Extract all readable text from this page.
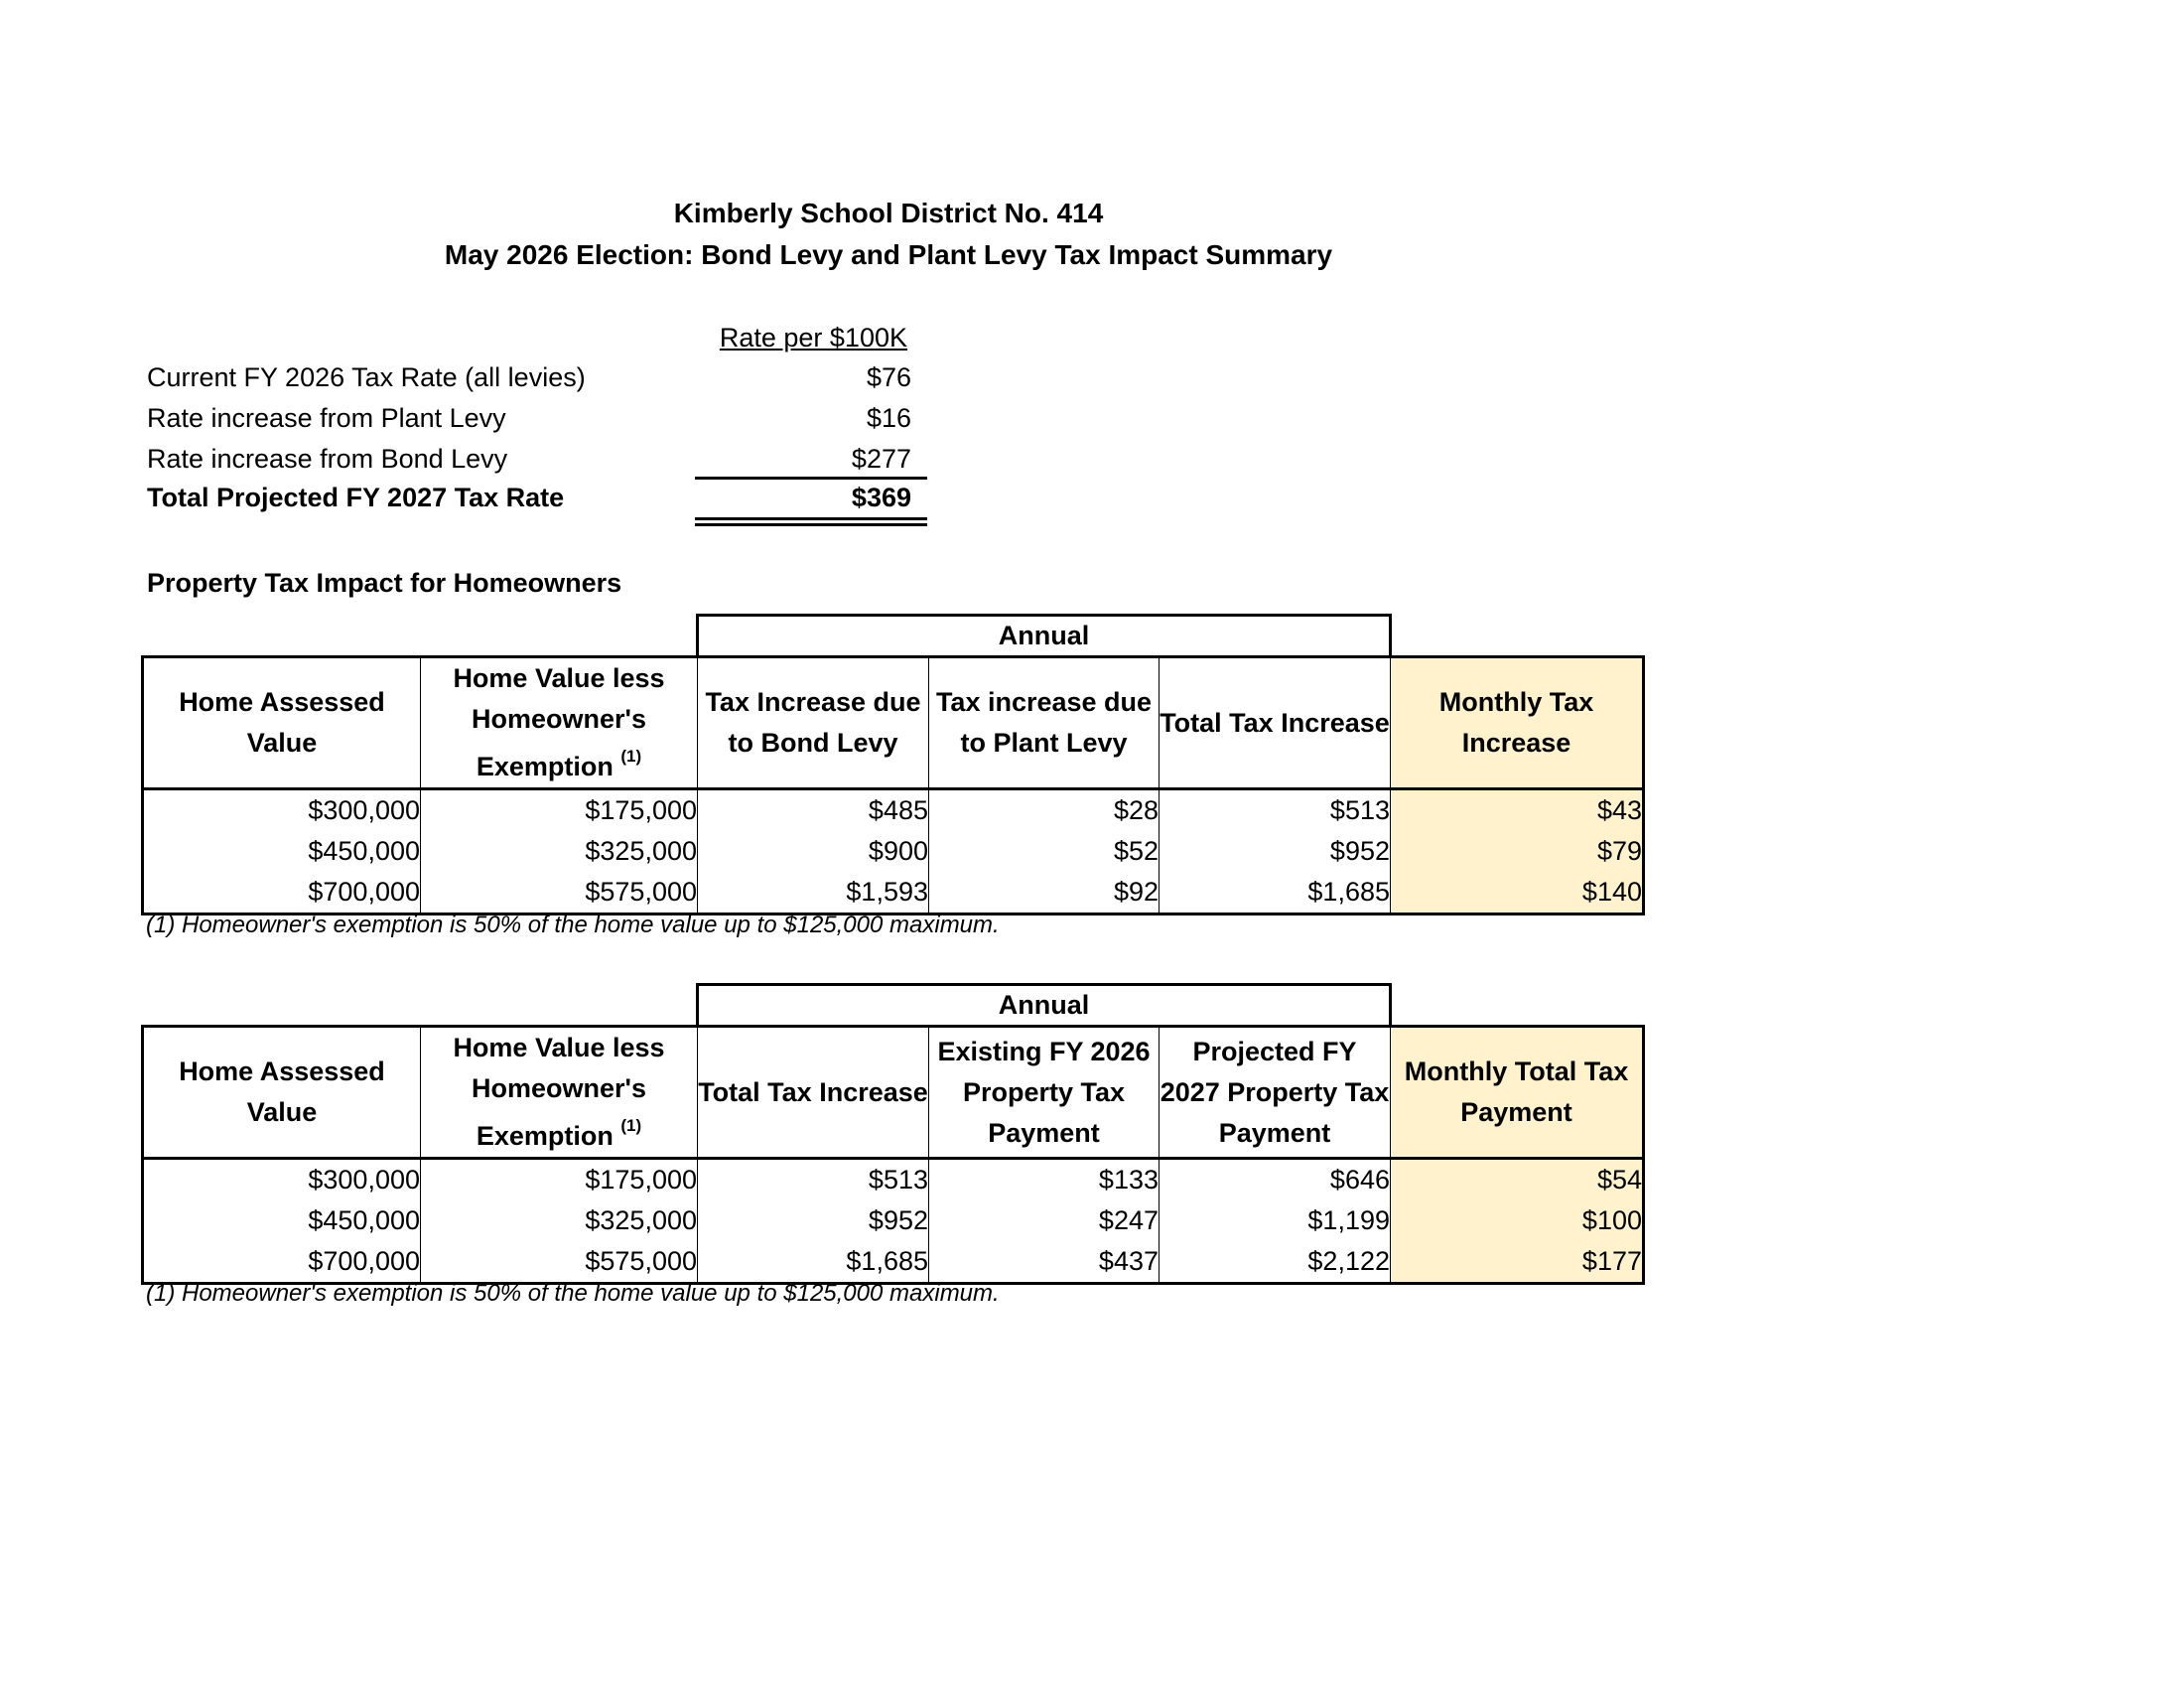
Kimberly School District No. 414
May 2026 Election: Bond Levy and Plant Levy Tax Impact Summary
Rate per $100K
Current FY 2026 Tax Rate (all levies)	$76
Rate increase from Plant Levy	$16
Rate increase from Bond Levy	$277
Total Projected FY 2027 Tax Rate	$369
Property Tax Impact for Homeowners
		Annual			
Home Assessed Value	Home Value less Homeowner's Exemption $^{(1)}$	Tax Increase due to Bond Levy	Tax increase due to Plant Levy	Total Tax Increase	Monthly Tax Increase
$300,000	$175,000	$485	$28	$513	$43
$450,000	$325,000	$900	$52	$952	$79
$700,000	$575,000	$1,593	$92	$1,685	$140
(1) Homeowner's exemption is 50% of the home value up to $125,000 maximum.
		Annual			
Home Assessed Value	Home Value less Homeowner's Exemption $^{(1)}$	Total Tax Increase	Existing FY 2026 Property Tax Payment	Projected FY 2027 Property Tax Payment	Monthly Total Tax Payment
$300,000	$175,000	$513	$133	$646	$54
$450,000	$325,000	$952	$247	$1,199	$100
$700,000	$575,000	$1,685	$437	$2,122	$177
(1) Homeowner's exemption is 50% of the home value up to $125,000 maximum.
